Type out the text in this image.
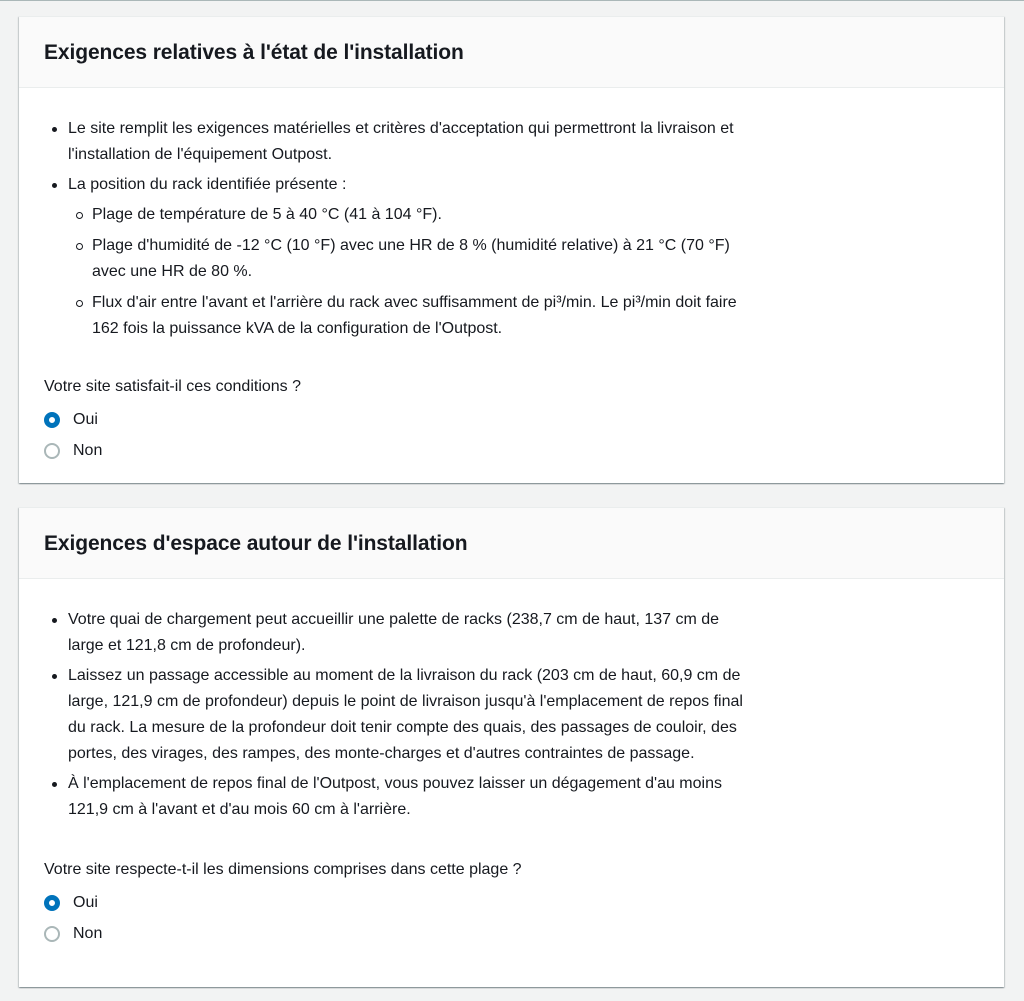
Exigences relatives à l'état de l'installation
Le site remplit les exigences matérielles et critères d'acceptation qui permettront la livraison et l'installation de l'équipement Outpost.
La position du rack identifiée présente :
Plage de température de 5 à 40 °C (41 à 104 °F).
Plage d'humidité de -12 °C (10 °F) avec une HR de 8 % (humidité relative) à 21 °C (70 °F) avec une HR de 80 %.
Flux d'air entre l'avant et l'arrière du rack avec suffisamment de pi³/min. Le pi³/min doit faire 162 fois la puissance kVA de la configuration de l'Outpost.
Votre site satisfait-il ces conditions ?
Oui
Non
Exigences d'espace autour de l'installation
Votre quai de chargement peut accueillir une palette de racks (238,7 cm de haut, 137 cm de large et 121,8 cm de profondeur).
Laissez un passage accessible au moment de la livraison du rack (203 cm de haut, 60,9 cm de large, 121,9 cm de profondeur) depuis le point de livraison jusqu'à l'emplacement de repos final du rack. La mesure de la profondeur doit tenir compte des quais, des passages de couloir, des portes, des virages, des rampes, des monte-charges et d'autres contraintes de passage.
À l'emplacement de repos final de l'Outpost, vous pouvez laisser un dégagement d'au moins 121,9 cm à l'avant et d'au mois 60 cm à l'arrière.
Votre site respecte-t-il les dimensions comprises dans cette plage ?
Oui
Non
